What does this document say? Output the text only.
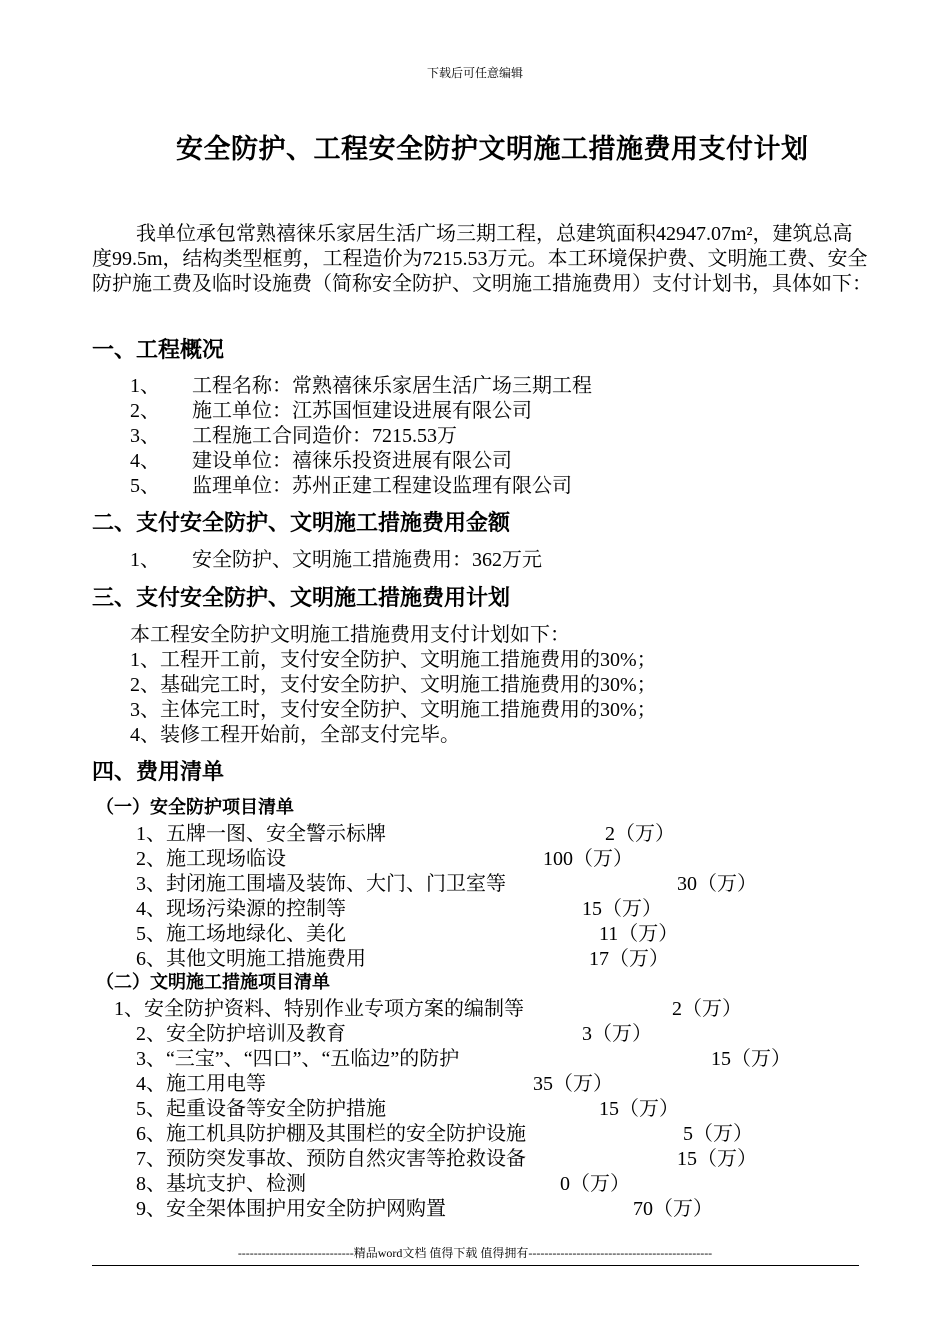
下载后可任意编辑
安全防护、工程安全防护文明施工措施费用支付计划
我单位承包常熟禧徕乐家居生活广场三期工程，总建筑面积42947.07m²，建筑总高度99.5m，结构类型框剪，工程造价为7215.53万元。本工环境保护费、文明施工费、安全防护施工费及临时设施费（简称安全防护、文明施工措施费用）支付计划书，具体如下：
一、工程概况
1、 工程名称：常熟禧徕乐家居生活广场三期工程
2、 施工单位：江苏国恒建设进展有限公司
3、 工程施工合同造价：7215.53万
4、 建设单位：禧徕乐投资进展有限公司
5、 监理单位：苏州正建工程建设监理有限公司
二、支付安全防护、文明施工措施费用金额
1、 安全防护、文明施工措施费用：362万元
三、支付安全防护、文明施工措施费用计划
本工程安全防护文明施工措施费用支付计划如下：
1、工程开工前，支付安全防护、文明施工措施费用的30%；
2、基础完工时，支付安全防护、文明施工措施费用的30%；
3、主体完工时，支付安全防护、文明施工措施费用的30%；
4、装修工程开始前，全部支付完毕。
四、费用清单
（一）安全防护项目清单
1、五牌一图、安全警示标牌	2（万）
2、施工现场临设	100（万）
3、封闭施工围墙及装饰、大门、门卫室等	30（万）
4、现场污染源的控制等	15（万）
5、施工场地绿化、美化	11（万）
6、其他文明施工措施费用	17（万）
（二）文明施工措施项目清单
1、安全防护资料、特别作业专项方案的编制等	2（万）
2、安全防护培训及教育	3（万）
3、“三宝”、“四口”、“五临边”的防护	15（万）
4、施工用电等	35（万）
5、起重设备等安全防护措施	15（万）
6、施工机具防护棚及其围栏的安全防护设施	5（万）
7、预防突发事故、预防自然灾害等抢救设备	15（万）
8、基坑支护、检测	0（万）
9、安全架体围护用安全防护网购置	70（万）
-----------------------------精品word文档 值得下载 值得拥有----------------------------------------------
